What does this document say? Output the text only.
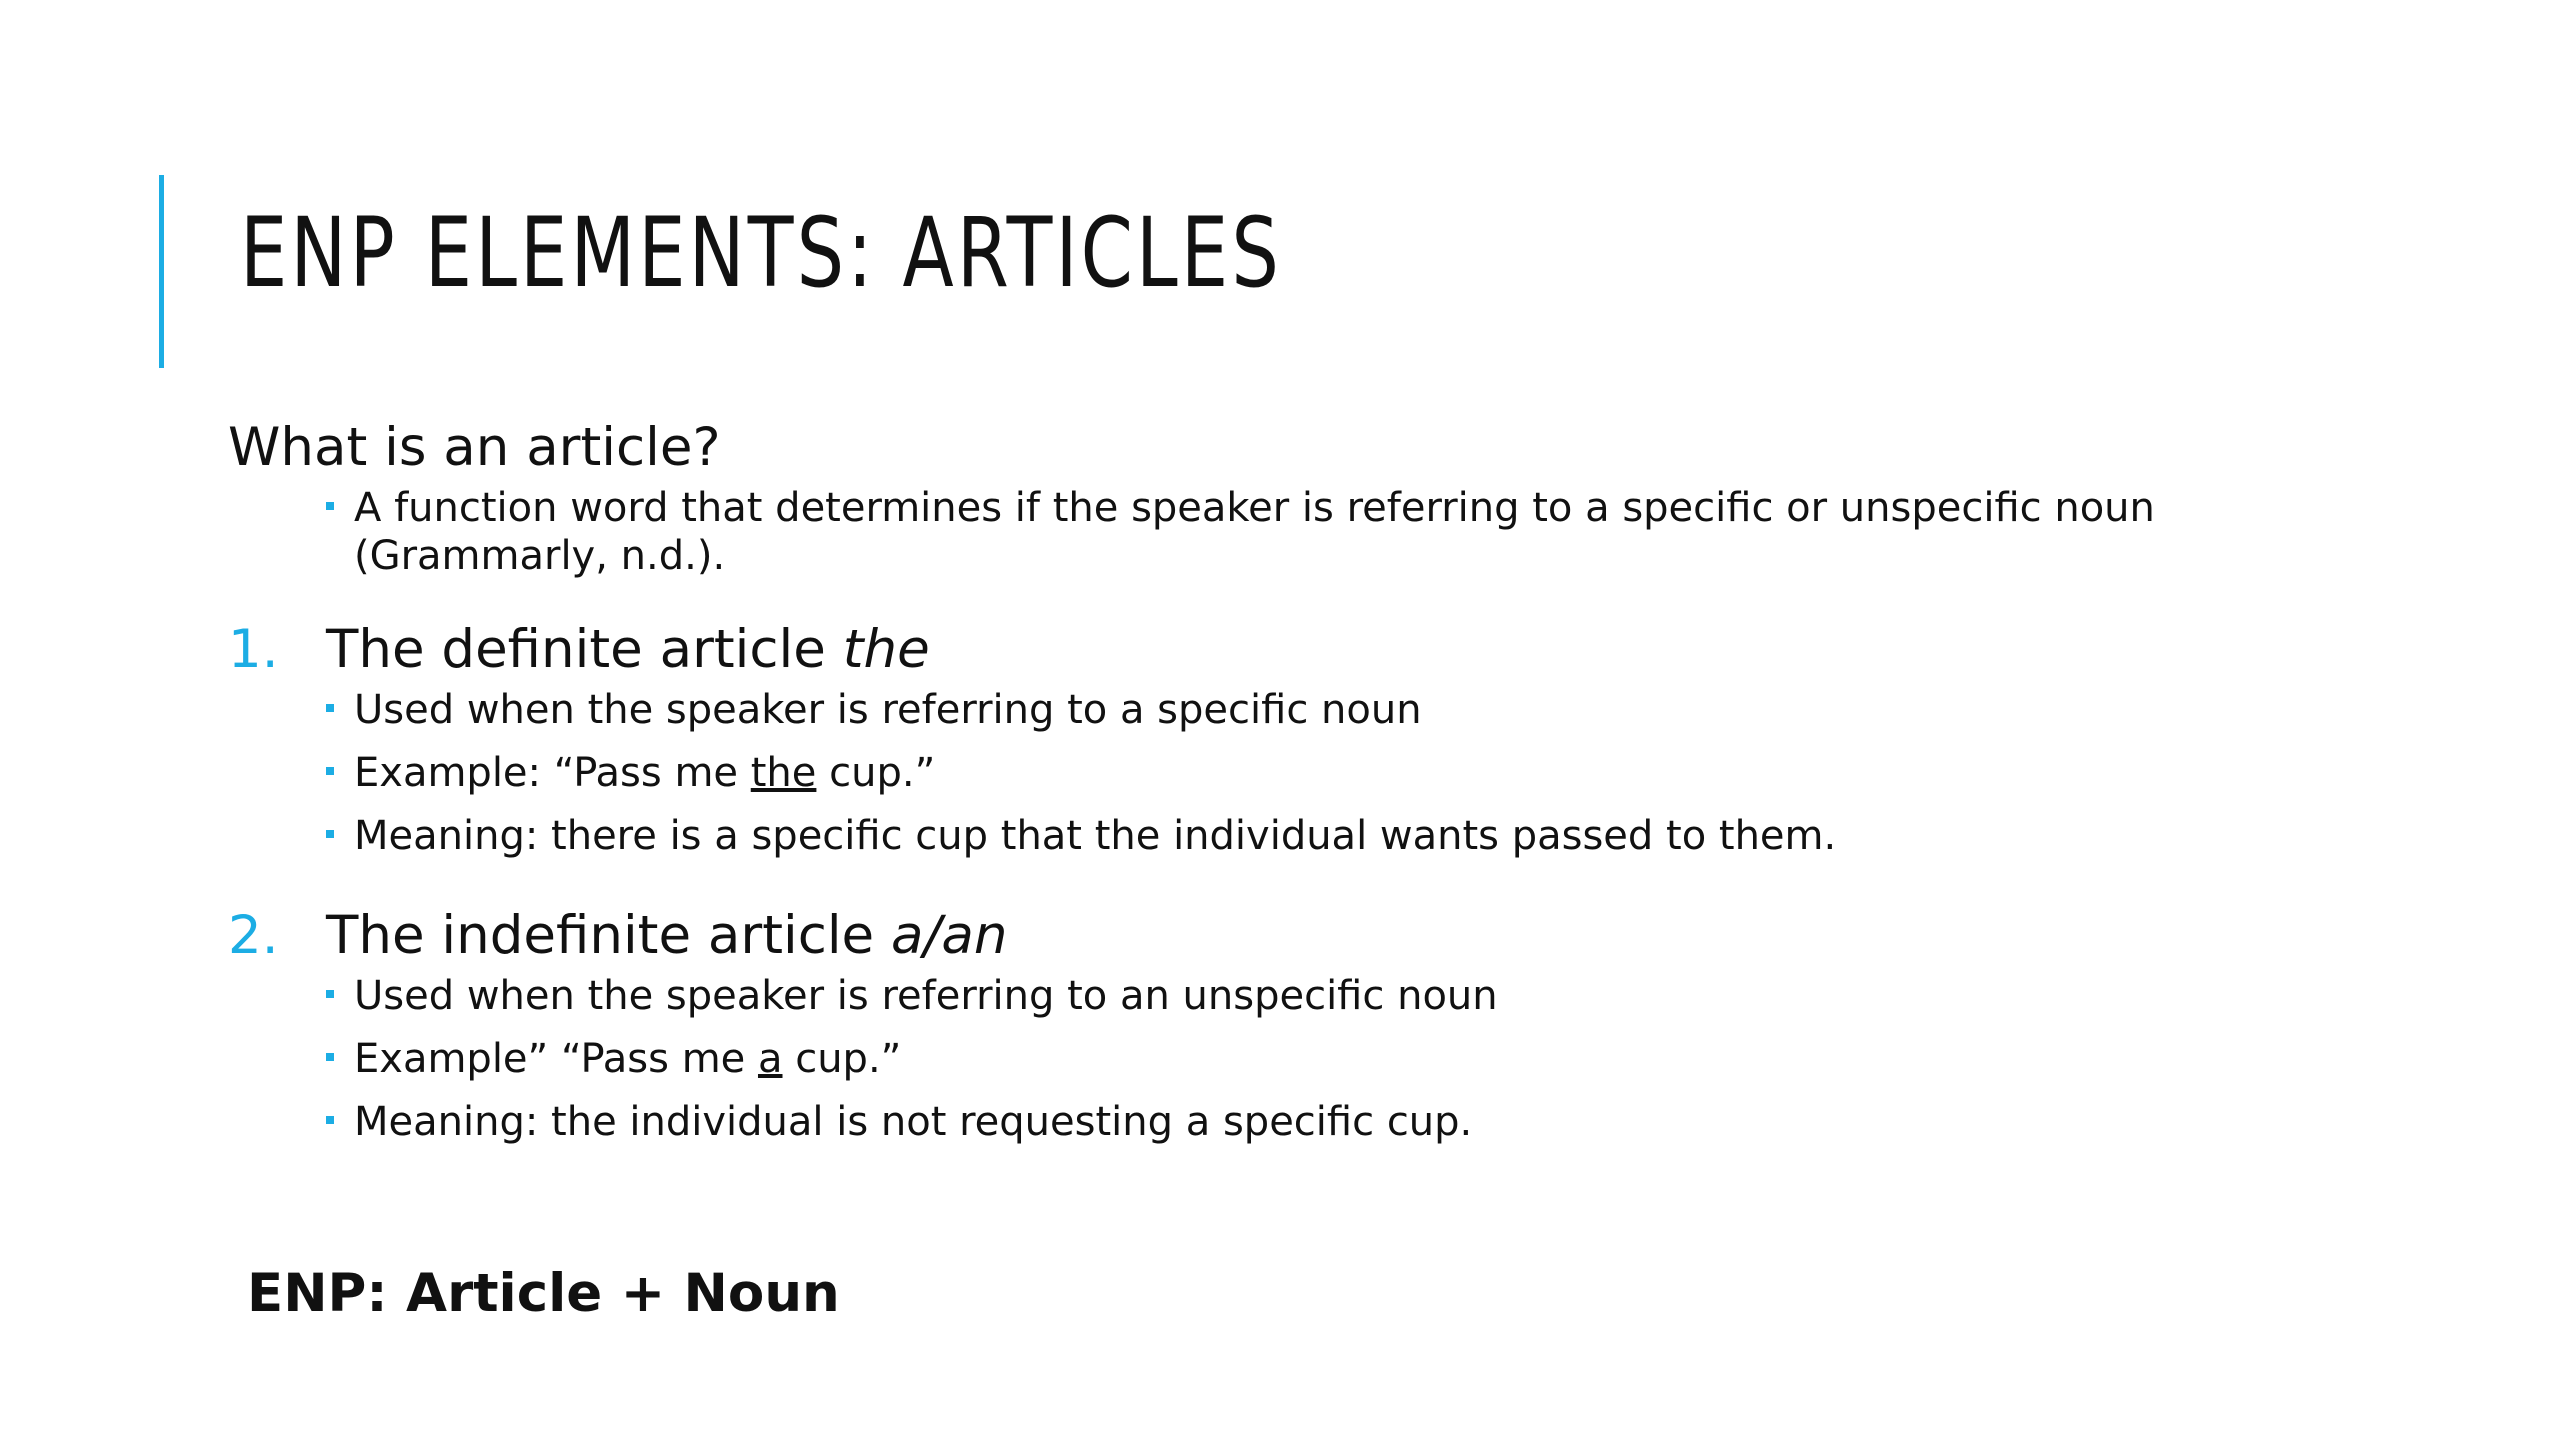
ENP ELEMENTS: ARTICLES

What is an article?

A function word that determines if the speaker is referring to a specific or unspecific noun
(Grammarly, n.d.).

1. The definite article the

Used when the speaker is referring to a specific noun

Example: “Pass me the cup.”

Meaning: there is a specific cup that the individual wants passed to them.

2. The indefinite article a/an

Used when the speaker is referring to an unspecific noun

Example” “Pass me a cup.”

Meaning: the individual is not requesting a specific cup.

ENP: Article + Noun
